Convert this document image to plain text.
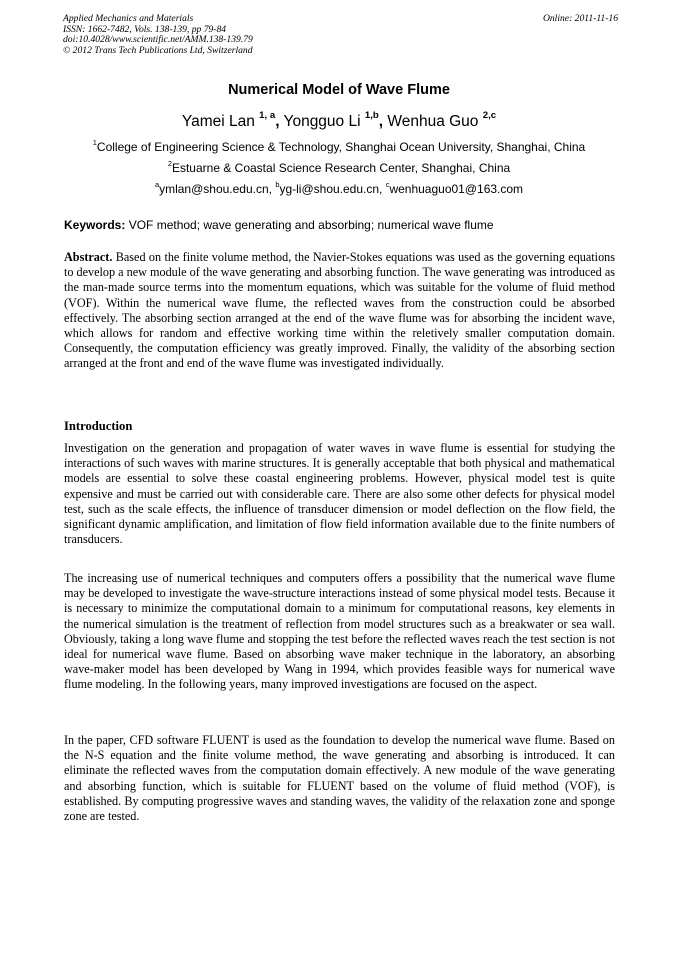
Applied Mechanics and Materials
ISSN: 1662-7482, Vols. 138-139, pp 79-84
doi:10.4028/www.scientific.net/AMM.138-139.79
© 2012 Trans Tech Publications Ltd, Switzerland
Online: 2011-11-16
Numerical Model of Wave Flume
Yamei Lan $^{1, a}$, Yongguo Li $^{1,b}$, Wenhua Guo $^{2,c}$
$^1$College of Engineering Science & Technology, Shanghai Ocean University, Shanghai, China
$^2$Estuarne & Coastal Science Research Center, Shanghai, China
$^a$ymlan@shou.edu.cn, $^b$yg-li@shou.edu.cn, $^c$wenhuaguo01@163.com
Keywords: VOF method; wave generating and absorbing; numerical wave flume

Abstract. Based on the finite volume method, the Navier-Stokes equations was used as the governing equations to develop a new module of the wave generating and absorbing function. The wave generating was introduced as the man-made source terms into the momentum equations, which was suitable for the volume of fluid method (VOF). Within the numerical wave flume, the reflected waves from the construction could be absorbed effectively. The absorbing section arranged at the end of the wave flume was for absorbing the incident wave, which allows for random and effective working time within the reletively smaller computation domain. Consequently, the computation efficiency was greatly improved. Finally, the validity of the absorbing section arranged at the front and end of the wave flume was investigated individually.

Introduction

Investigation on the generation and propagation of water waves in wave flume is essential for studying the interactions of such waves with marine structures. It is generally acceptable that both physical and mathematical models are essential to solve these coastal engineering problems. However, physical model test is quite expensive and must be carried out with considerable care. There are also some other defects for physical model test, such as the scale effects, the influence of transducer dimension or model deflection on the flow field, the significant dynamic amplification, and limitation of flow field information available due to the finite numbers of transducers.

The increasing use of numerical techniques and computers offers a possibility that the numerical wave flume may be developed to investigate the wave-structure interactions instead of some physical model tests. Because it is necessary to minimize the computational domain to a minimum for computational reasons, key elements in the numerical simulation is the treatment of reflection from model structures such as a breakwater or sea wall. Obviously, taking a long wave flume and stopping the test before the reflected waves reach the test section is not ideal for numerical wave flume. Based on absorbing wave maker technique in the laboratory, an absorbing wave-maker model has been developed by Wang in 1994, which provides feasible ways for numerical wave flume modeling. In the following years, many improved investigations are focused on the aspect.

In the paper, CFD software FLUENT is used as the foundation to develop the numerical wave flume. Based on the N-S equation and the finite volume method, the wave generating and absorbing is introduced. It can eliminate the reflected waves from the computation domain effectively. A new module of the wave generating and absorbing function, which is suitable for FLUENT based on the volume of fluid method (VOF), is established. By computing progressive waves and standing waves, the validity of the relaxation zone and sponge zone are tested.
